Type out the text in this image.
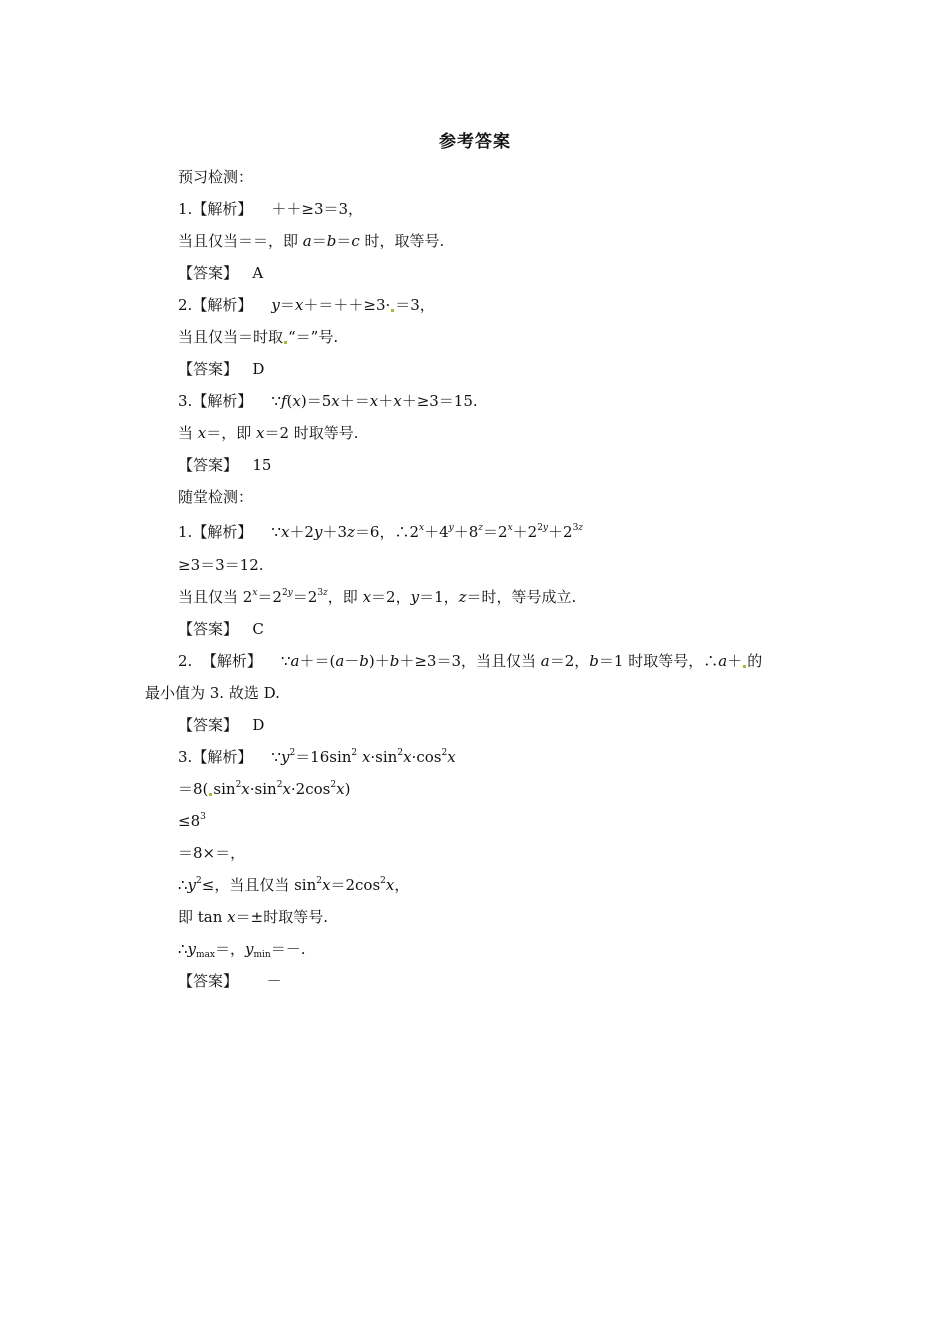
参考答案
预习检测：
1.【解析】    ＋＋≥3＝3，
当且仅当＝＝，即 a＝b＝c 时，取等号.
【答案】 A
2.【解析】 y＝x＋＝＋＋≥3· ＝3，
当且仅当＝时取 “＝”号.
【答案】 D
3.【解析】    ∵f(x)＝5x＋＝x＋x＋≥3＝15.
当 x＝，即 x＝2 时取等号.
【答案】 15
随堂检测：
1.【解析】    ∵x＋2y＋3z＝6，$\therefore 2^x+4^y+8^z=2^x+2^{2y}+2^{3z}$
≥3＝3＝12.
当且仅当 $2^x=2^{2y}=2^{3z}$，即 x＝2，y＝1，z＝时，等号成立.
【答案】 C
2. 【解析】    ∵a＋＝(a－b)＋b＋≥3＝3，当且仅当 a＝2，b＝1 时取等号，∴a＋ 的
最小值为 3. 故选 D.
【答案】 D
3.【解析】    $\because y^2=16\sin^2$ $x\cdot\sin^2x\cdot\cos^2x$
＝8( $\sin^2x\cdot\sin^2x\cdot 2\cos^2x$)
$\le 8^3$
＝8×＝，
$\therefore y^2\le$，当且仅当 $\sin^2x=2\cos^2x$，
即 tan x＝±时取等号.
$\therefore y_{max}=$，$y_{min}=-$.
【答案】 －
